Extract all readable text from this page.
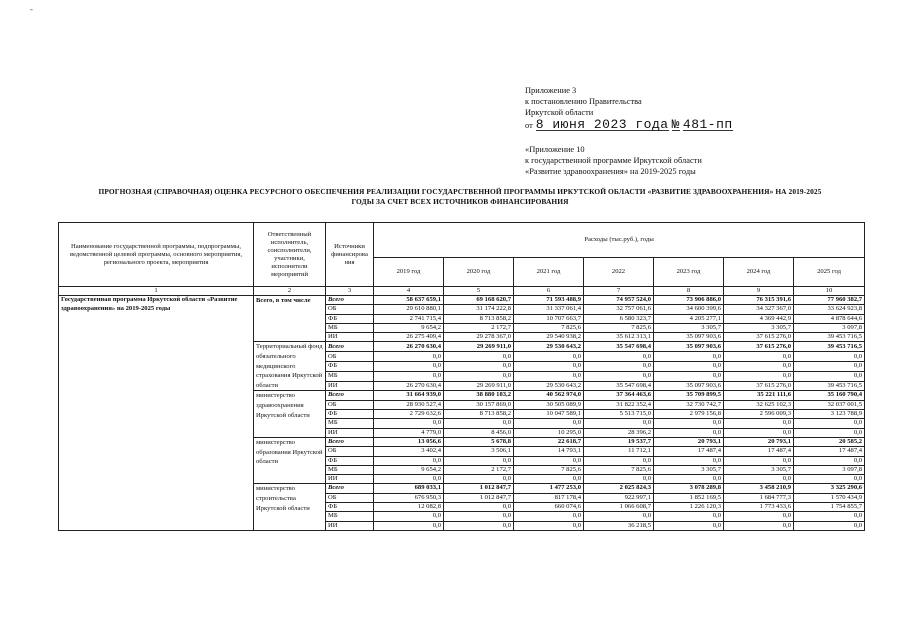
-
Приложение 3
к постановлению Правительства
Иркутской области
от 8 июня 2023 года № 481-пп
«Приложение 10
к государственной программе Иркутской области
«Развитие здравоохранения» на 2019-2025 годы
ПРОГНОЗНАЯ (СПРАВОЧНАЯ) ОЦЕНКА РЕСУРСНОГО ОБЕСПЕЧЕНИЯ РЕАЛИЗАЦИИ ГОСУДАРСТВЕННОЙ ПРОГРАММЫ ИРКУТСКОЙ ОБЛАСТИ «РАЗВИТИЕ ЗДРАВООХРАНЕНИЯ» НА 2019-2025
ГОДЫ ЗА СЧЕТ ВСЕХ ИСТОЧНИКОВ ФИНАНСИРОВАНИЯ
Наименование государственной программы, подпрограммы, ведомственной целевой программы, основного мероприятия, регионального проекта, мероприятия	Ответственный исполнитель, соисполнители, участники, исполнители мероприятий	Источники финансирова ния	Расходы (тыс.руб.), годы						
			2019 год	2020 год	2021 год	2022	2023 год	2024 год	2025 год
1	2	3	4	5	6	7	8	9	10
Государственная программа Иркутской области «Развитие здравоохранения» на 2019-2025 годы	Всего, в том числе	Всего	58 637 659,1	69 168 620,7	71 593 488,9	74 957 524,0	73 906 886,0	76 315 391,6	77 960 382,7
		ОБ	29 610 880,1	31 174 222,8	31 337 061,4	32 757 061,6	34 600 399,6	34 327 367,0	33 624 923,8
		ФБ	2 741 715,4	8 713 858,2	10 707 663,7	6 580 323,7	4 205 277,1	4 369 442,9	4 878 644,6
		МБ	9 654,2	2 172,7	7 825,6	7 825,6	3 305,7	3 305,7	3 097,8
		ИИ	26 275 409,4	29 278 367,0	29 540 938,2	35 612 313,1	35 097 903,6	37 615 276,0	39 453 716,5
	Территориальный фонд обязательного медицинского страхования Иркутской области	Всего	26 270 630,4	29 269 911,0	29 530 643,2	35 547 698,4	35 097 903,6	37 615 276,0	39 453 716,5
		ОБ	0,0	0,0	0,0	0,0	0,0	0,0	0,0
		ФБ	0,0	0,0	0,0	0,0	0,0	0,0	0,0
		МБ	0,0	0,0	0,0	0,0	0,0	0,0	0,0
		ИИ	26 270 630,4	29 269 911,0	29 530 643,2	35 547 698,4	35 097 903,6	37 615 276,0	39 453 716,5
	министерство здравоохранения Иркутской области	Всего	31 664 939,0	38 880 183,2	40 562 974,0	37 364 463,6	35 709 899,5	35 221 111,6	35 160 790,4
		ОБ	28 930 527,4	30 157 869,0	30 505 089,9	31 822 352,4	32 730 742,7	32 625 102,3	32 037 001,5
		ФБ	2 729 632,6	8 713 858,2	10 047 589,1	5 513 715,0	2 979 156,8	2 596 009,3	3 123 788,9
		МБ	0,0	0,0	0,0	0,0	0,0	0,0	0,0
		ИИ	4 779,0	8 456,0	10 295,0	28 396,2	0,0	0,0	0,0
	министерство образования Иркутской области	Всего	13 056,6	5 678,8	22 618,7	19 537,7	20 793,1	20 793,1	20 585,2
		ОБ	3 402,4	3 506,1	14 793,1	11 712,1	17 487,4	17 487,4	17 487,4
		ФБ	0,0	0,0	0,0	0,0	0,0	0,0	0,0
		МБ	9 654,2	2 172,7	7 825,6	7 825,6	3 305,7	3 305,7	3 097,8
		ИИ	0,0	0,0	0,0	0,0	0,0	0,0	0,0
	министерство строительства Иркутской области	Всего	689 033,1	1 012 847,7	1 477 253,0	2 025 824,3	3 078 289,8	3 458 210,9	3 325 290,6
		ОБ	676 950,3	1 012 847,7	817 178,4	922 997,1	1 852 169,5	1 684 777,3	1 570 434,9
		ФБ	12 082,8	0,0	660 074,6	1 066 608,7	1 226 120,3	1 773 433,6	1 754 855,7
		МБ	0,0	0,0	0,0	0,0	0,0	0,0	0,0
		ИИ	0,0	0,0	0,0	36 218,5	0,0	0,0	0,0
